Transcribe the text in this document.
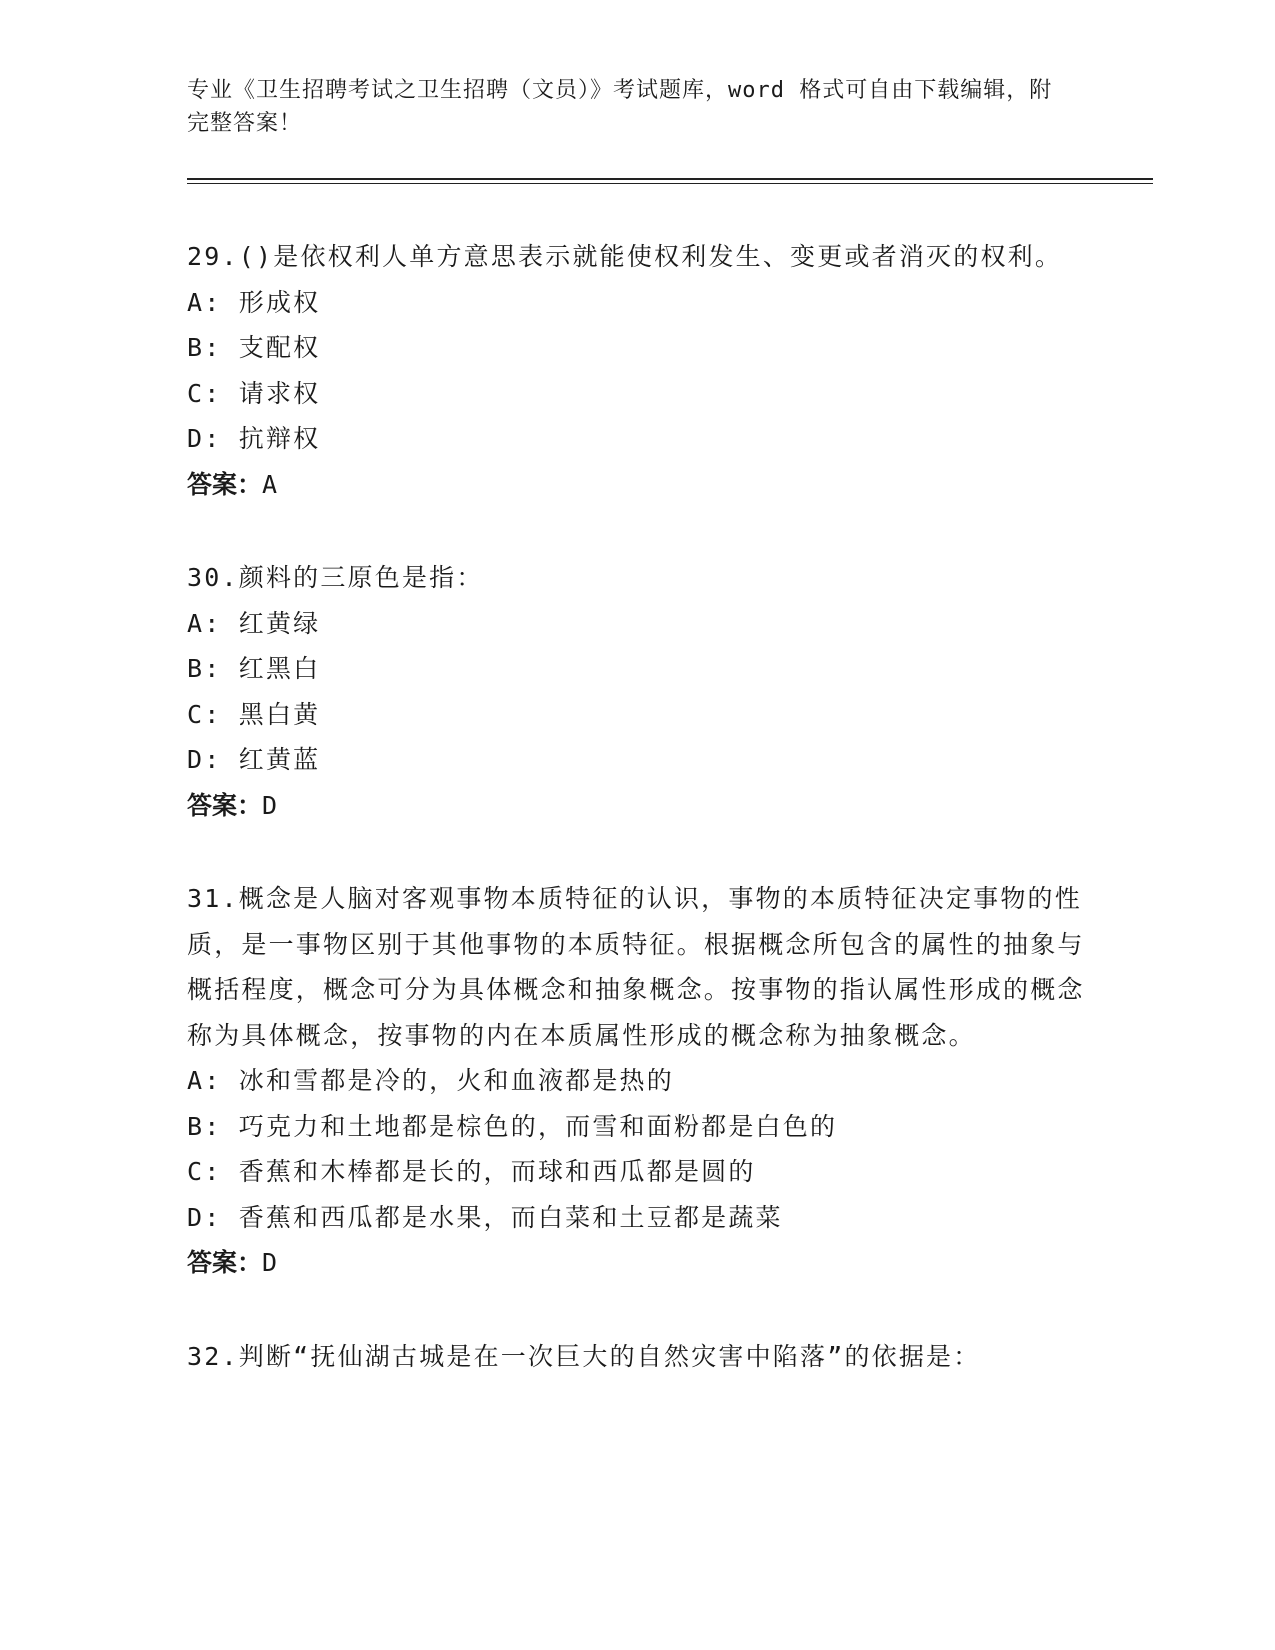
专业《卫生招聘考试之卫生招聘（文员）》考试题库，word 格式可自由下载编辑，附完整答案！

29.()是依权利人单方意思表示就能使权利发生、变更或者消灭的权利。

A: 形成权

B: 支配权

C: 请求权

D: 抗辩权

答案：A

30.颜料的三原色是指：

A: 红黄绿

B: 红黑白

C: 黑白黄

D: 红黄蓝

答案：D

31.概念是人脑对客观事物本质特征的认识，事物的本质特征决定事物的性质，是一事物区别于其他事物的本质特征。根据概念所包含的属性的抽象与概括程度，概念可分为具体概念和抽象概念。按事物的指认属性形成的概念称为具体概念，按事物的内在本质属性形成的概念称为抽象概念。

A: 冰和雪都是冷的，火和血液都是热的

B: 巧克力和土地都是棕色的，而雪和面粉都是白色的

C: 香蕉和木棒都是长的，而球和西瓜都是圆的

D: 香蕉和西瓜都是水果，而白菜和土豆都是蔬菜

答案：D

32.判断“抚仙湖古城是在一次巨大的自然灾害中陷落”的依据是：
